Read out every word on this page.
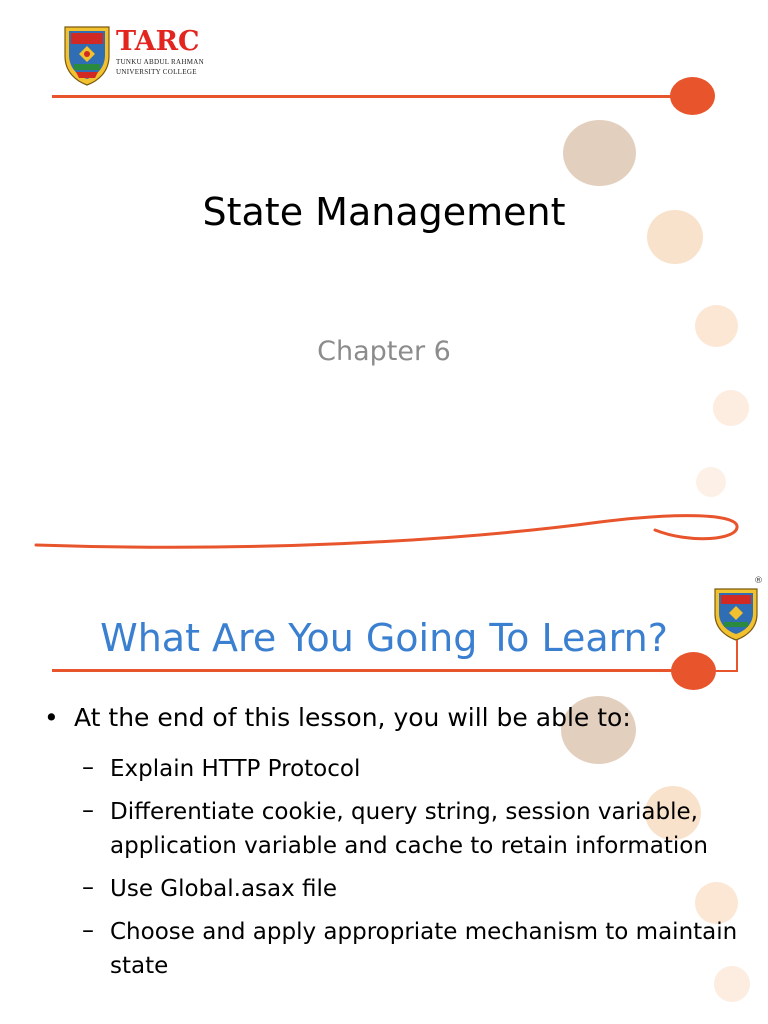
TARC
TUNKU ABDUL RAHMAN
UNIVERSITY COLLEGE
State Management
Chapter 6
®
What Are You Going To Learn?
• At the end of this lesson, you will be able to:
– Explain HTTP Protocol
– Differentiate cookie, query string, session variable, application variable and cache to retain information
– Use Global.asax file
– Choose and apply appropriate mechanism to maintain state
